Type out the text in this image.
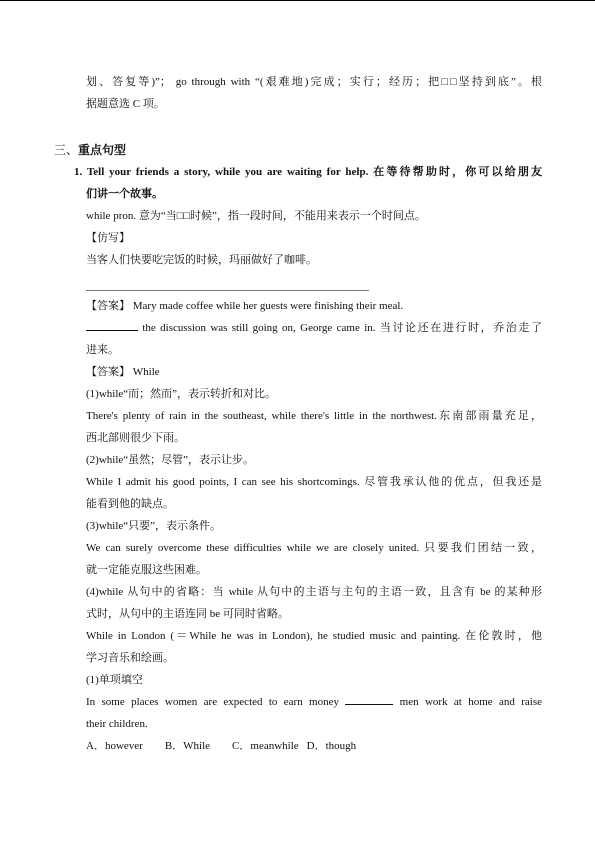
划、答复等)”； go through with “(艰难地)完成；实行；经历；把□□坚持到底”。根

据题意选 C 项。

三、重点句型

1. Tell your friends a story, while you are waiting for help. 在等待帮助时，你可以给朋友

们讲一个故事。

while pron. 意为“当□□时候”，指一段时间，不能用来表示一个时间点。

【仿写】

当客人们快要吃完饭的时候，玛丽做好了咖啡。

【答案】 Mary made coffee while her guests were finishing their meal.

the discussion was still going on, George came in. 当讨论还在进行时，乔治走了

进来。

【答案】 While

(1)while“而；然而”，表示转折和对比。

There's plenty of rain in the southeast, while there's little in the northwest.东南部雨量充足，

西北部则很少下雨。

(2)while“虽然；尽管”，表示让步。

While I admit his good points, I can see his shortcomings. 尽管我承认他的优点，但我还是

能看到他的缺点。

(3)while“只要”，表示条件。

We can surely overcome these difficulties while we are closely united. 只要我们团结一致，

就一定能克服这些困难。

(4)while 从句中的省略：当 while 从句中的主语与主句的主语一致，且含有 be 的某种形

式时，从句中的主语连同 be 可同时省略。

While in London (＝While he was in London), he studied music and painting. 在伦敦时，他

学习音乐和绘画。

(1)单项填空

In some places women are expected to earn money	men work at home and raise

their children.

A．however B．While C．meanwhile D．though
